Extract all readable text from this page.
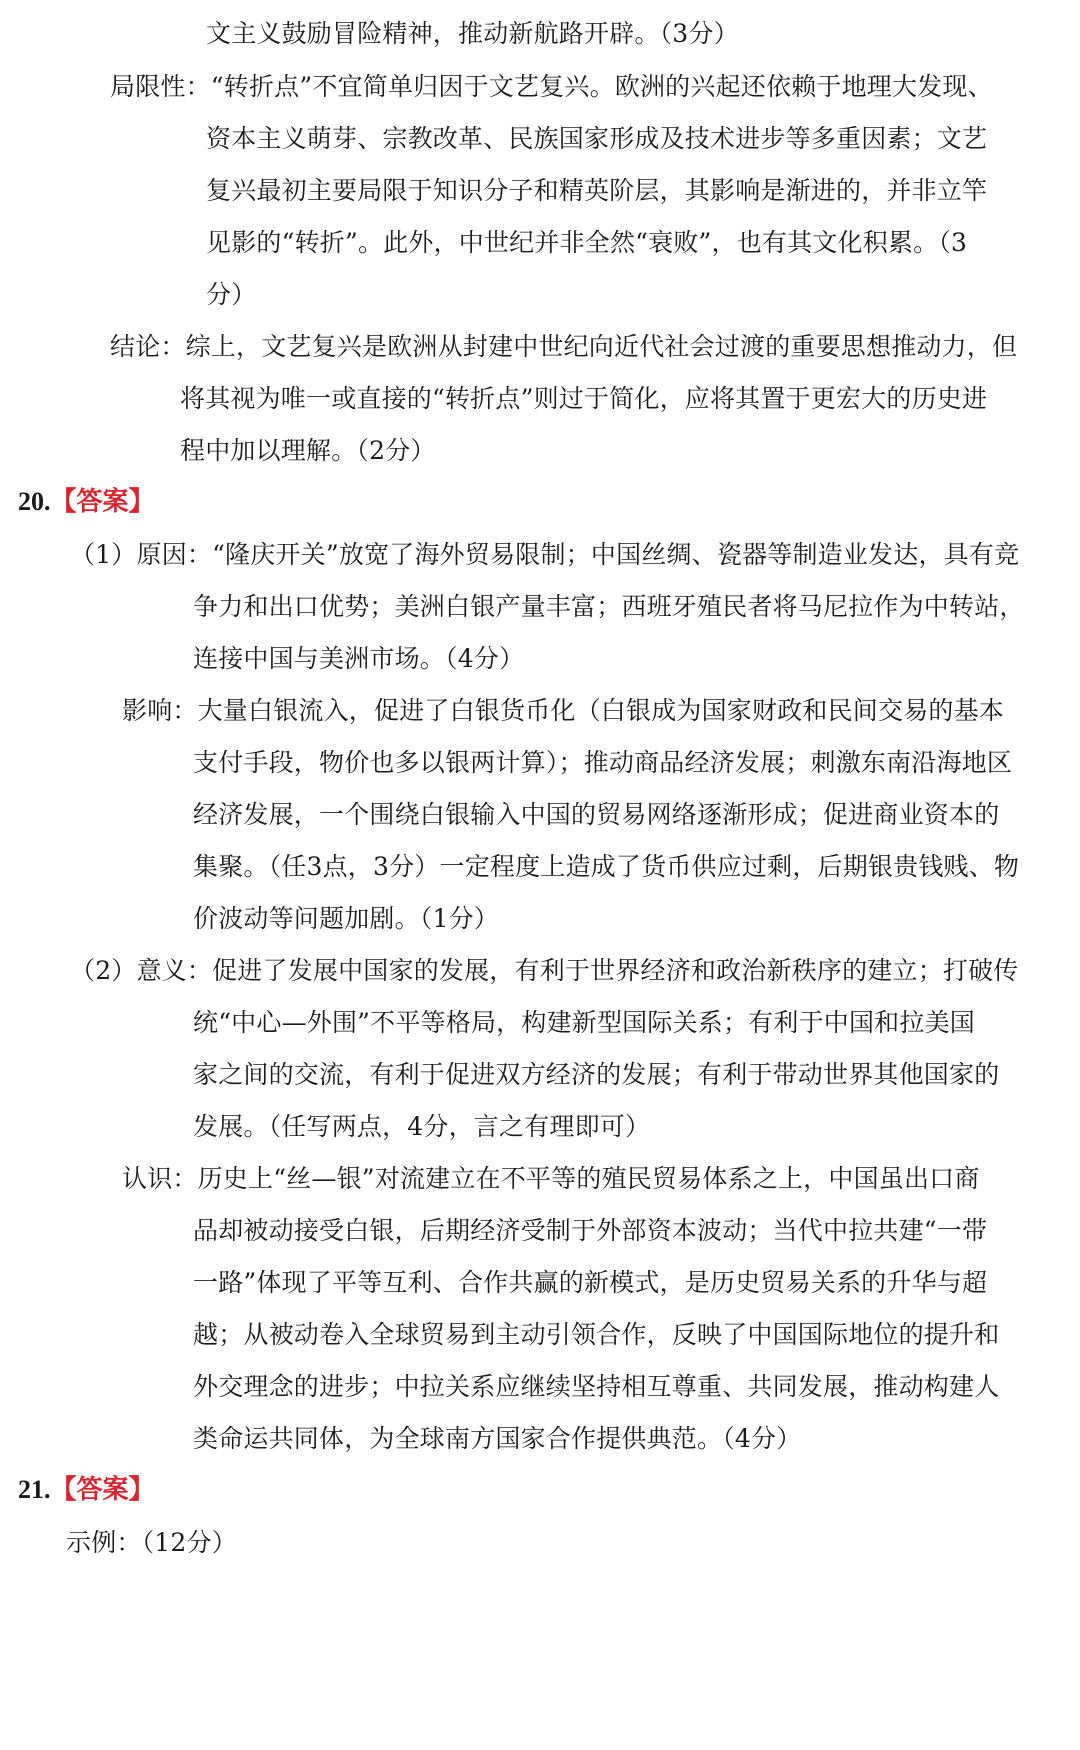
文主义鼓励冒险精神，推动新航路开辟。（3分）

局限性：“转折点”不宜简单归因于文艺复兴。欧洲的兴起还依赖于地理大发现、

资本主义萌芽、宗教改革、民族国家形成及技术进步等多重因素；文艺

复兴最初主要局限于知识分子和精英阶层，其影响是渐进的，并非立竿

见影的“转折”。此外，中世纪并非全然“衰败”，也有其文化积累。（3

分）

结论：综上，文艺复兴是欧洲从封建中世纪向近代社会过渡的重要思想推动力，但

将其视为唯一或直接的“转折点”则过于简化，应将其置于更宏大的历史进

程中加以理解。（2分）

20.【答案】

（1）原因：“隆庆开关”放宽了海外贸易限制；中国丝绸、瓷器等制造业发达，具有竞

争力和出口优势；美洲白银产量丰富；西班牙殖民者将马尼拉作为中转站，

连接中国与美洲市场。（4分）

影响：大量白银流入，促进了白银货币化（白银成为国家财政和民间交易的基本

支付手段，物价也多以银两计算）；推动商品经济发展；刺激东南沿海地区

经济发展，一个围绕白银输入中国的贸易网络逐渐形成；促进商业资本的

集聚。（任3点，3分）一定程度上造成了货币供应过剩，后期银贵钱贱、物

价波动等问题加剧。（1分）

（2）意义：促进了发展中国家的发展，有利于世界经济和政治新秩序的建立；打破传

统“中心—外围”不平等格局，构建新型国际关系；有利于中国和拉美国

家之间的交流，有利于促进双方经济的发展；有利于带动世界其他国家的

发展。（任写两点，4分，言之有理即可）

认识：历史上“丝—银”对流建立在不平等的殖民贸易体系之上，中国虽出口商

品却被动接受白银，后期经济受制于外部资本波动；当代中拉共建“一带

一路”体现了平等互利、合作共赢的新模式，是历史贸易关系的升华与超

越；从被动卷入全球贸易到主动引领合作，反映了中国国际地位的提升和

外交理念的进步；中拉关系应继续坚持相互尊重、共同发展，推动构建人

类命运共同体，为全球南方国家合作提供典范。（4分）

21.【答案】

示例：（12分）
